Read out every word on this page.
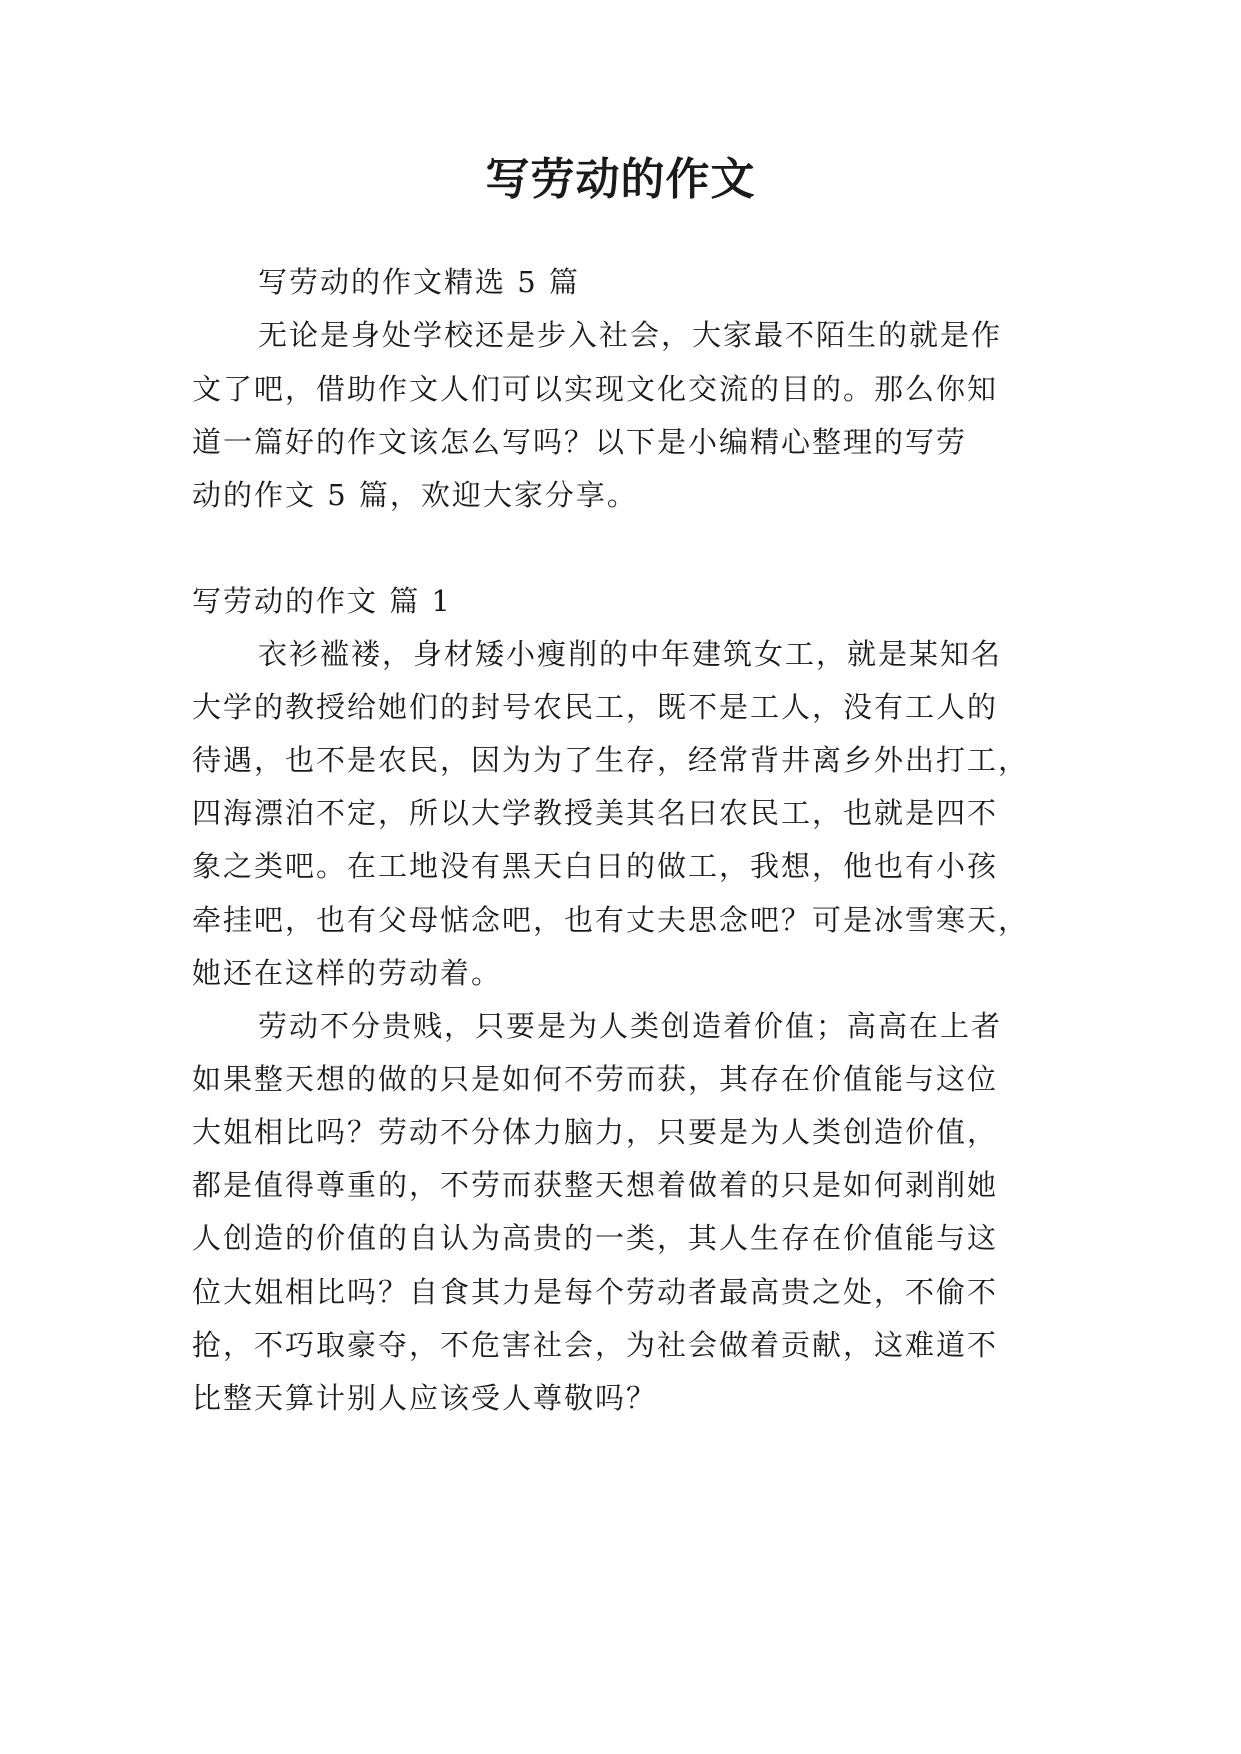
写劳动的作文
写劳动的作文精选 5 篇
无论是身处学校还是步入社会，大家最不陌生的就是作
文了吧，借助作文人们可以实现文化交流的目的。那么你知
道一篇好的作文该怎么写吗？以下是小编精心整理的写劳
动的作文 5 篇，欢迎大家分享。
写劳动的作文 篇 1
衣衫褴褛，身材矮小瘦削的中年建筑女工，就是某知名
大学的教授给她们的封号农民工，既不是工人，没有工人的
待遇，也不是农民，因为为了生存，经常背井离乡外出打工，
四海漂泊不定，所以大学教授美其名曰农民工，也就是四不
象之类吧。在工地没有黑天白日的做工，我想，他也有小孩
牵挂吧，也有父母惦念吧，也有丈夫思念吧？可是冰雪寒天，
她还在这样的劳动着。
劳动不分贵贱，只要是为人类创造着价值；高高在上者
如果整天想的做的只是如何不劳而获，其存在价值能与这位
大姐相比吗？劳动不分体力脑力，只要是为人类创造价值，
都是值得尊重的，不劳而获整天想着做着的只是如何剥削她
人创造的价值的自认为高贵的一类，其人生存在价值能与这
位大姐相比吗？自食其力是每个劳动者最高贵之处，不偷不
抢，不巧取豪夺，不危害社会，为社会做着贡献，这难道不
比整天算计别人应该受人尊敬吗？
